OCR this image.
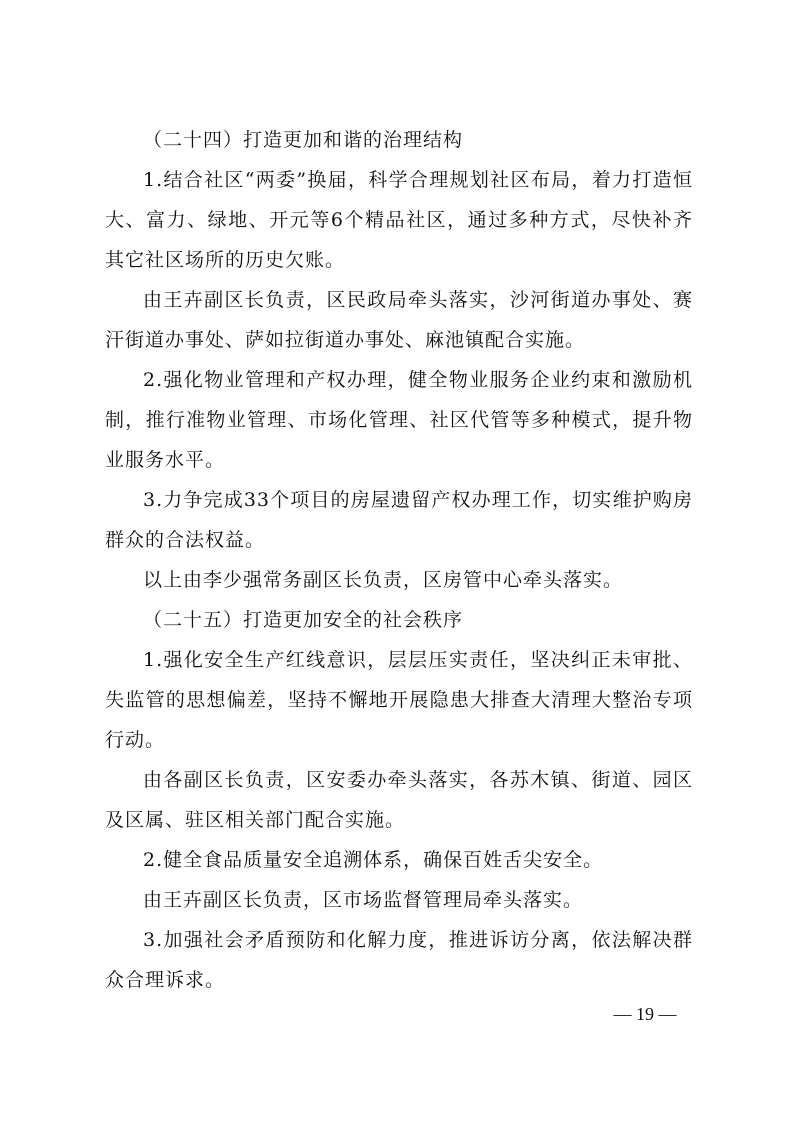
（二十四）打造更加和谐的治理结构

1.结合社区“两委”换届，科学合理规划社区布局，着力打造恒大、富力、绿地、开元等6个精品社区，通过多种方式，尽快补齐其它社区场所的历史欠账。

由王卉副区长负责，区民政局牵头落实，沙河街道办事处、赛汗街道办事处、萨如拉街道办事处、麻池镇配合实施。

2.强化物业管理和产权办理，健全物业服务企业约束和激励机制，推行准物业管理、市场化管理、社区代管等多种模式，提升物业服务水平。

3.力争完成33个项目的房屋遗留产权办理工作，切实维护购房群众的合法权益。

以上由李少强常务副区长负责，区房管中心牵头落实。

（二十五）打造更加安全的社会秩序

1.强化安全生产红线意识，层层压实责任，坚决纠正未审批、失监管的思想偏差，坚持不懈地开展隐患大排查大清理大整治专项行动。

由各副区长负责，区安委办牵头落实，各苏木镇、街道、园区及区属、驻区相关部门配合实施。

2.健全食品质量安全追溯体系，确保百姓舌尖安全。

由王卉副区长负责，区市场监督管理局牵头落实。

3.加强社会矛盾预防和化解力度，推进诉访分离，依法解决群众合理诉求。

— 19 —
